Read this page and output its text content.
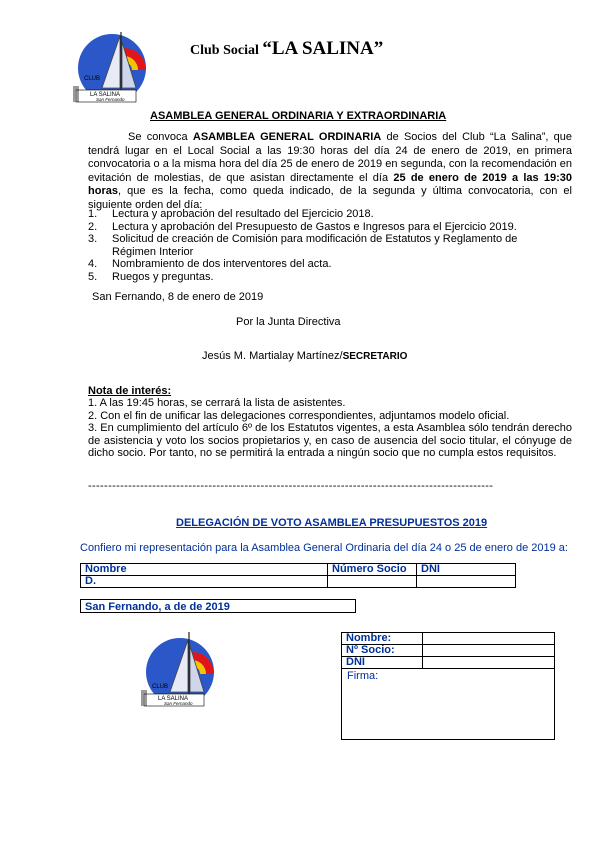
CLUB
LA SALINA
San Fernando
Club Social “LA SALINA”
ASAMBLEA GENERAL ORDINARIA Y EXTRAORDINARIA

Se convoca ASAMBLEA GENERAL ORDINARIA de Socios del Club “La Salina”, que tendrá lugar en el Local Social a las 19:30 horas del día 24 de enero de 2019, en primera convocatoria o a la misma hora del día 25 de enero de 2019 en segunda, con la recomendación en evitación de molestias, de que asistan directamente el día 25 de enero de 2019 a las 19:30 horas, que es la fecha, como queda indicado, de la segunda y última convocatoria, con el siguiente orden del día:

1. Lectura y aprobación del resultado del Ejercicio 2018.
2. Lectura y aprobación del Presupuesto de Gastos e Ingresos para el Ejercicio 2019.
3. Solicitud de creación de Comisión para modificación de Estatutos y Reglamento de Régimen Interior
4. Nombramiento de dos interventores del acta.
5. Ruegos y preguntas.
San Fernando, 8 de enero de 2019
Por la Junta Directiva
Jesús M. Martialay Martínez/SECRETARIO
Nota de interés:
1. A las 19:45 horas, se cerrará la lista de asistentes.
2. Con el fin de unificar las delegaciones correspondientes, adjuntamos modelo oficial.
3. En cumplimiento del artículo 6º de los Estatutos vigentes, a esta Asamblea sólo tendrán derecho de asistencia y voto los socios propietarios y, en caso de ausencia del socio titular, el cónyuge de dicho socio. Por tanto, no se permitirá la entrada a ningún socio que no cumpla estos requisitos.
-----------------------------------------------------------------------------------------------------
DELEGACIÓN DE VOTO ASAMBLEA PRESUPUESTOS 2019
Confiero mi representación para la Asamblea General Ordinaria del día 24 o 25 de enero de 2019 a:
Nombre	Número Socio	DNI
D.		
San Fernando, a de de 2019
CLUB
LA SALINA
San Fernando
Nombre:	
Nº Socio:	
DNI	
Firma:
